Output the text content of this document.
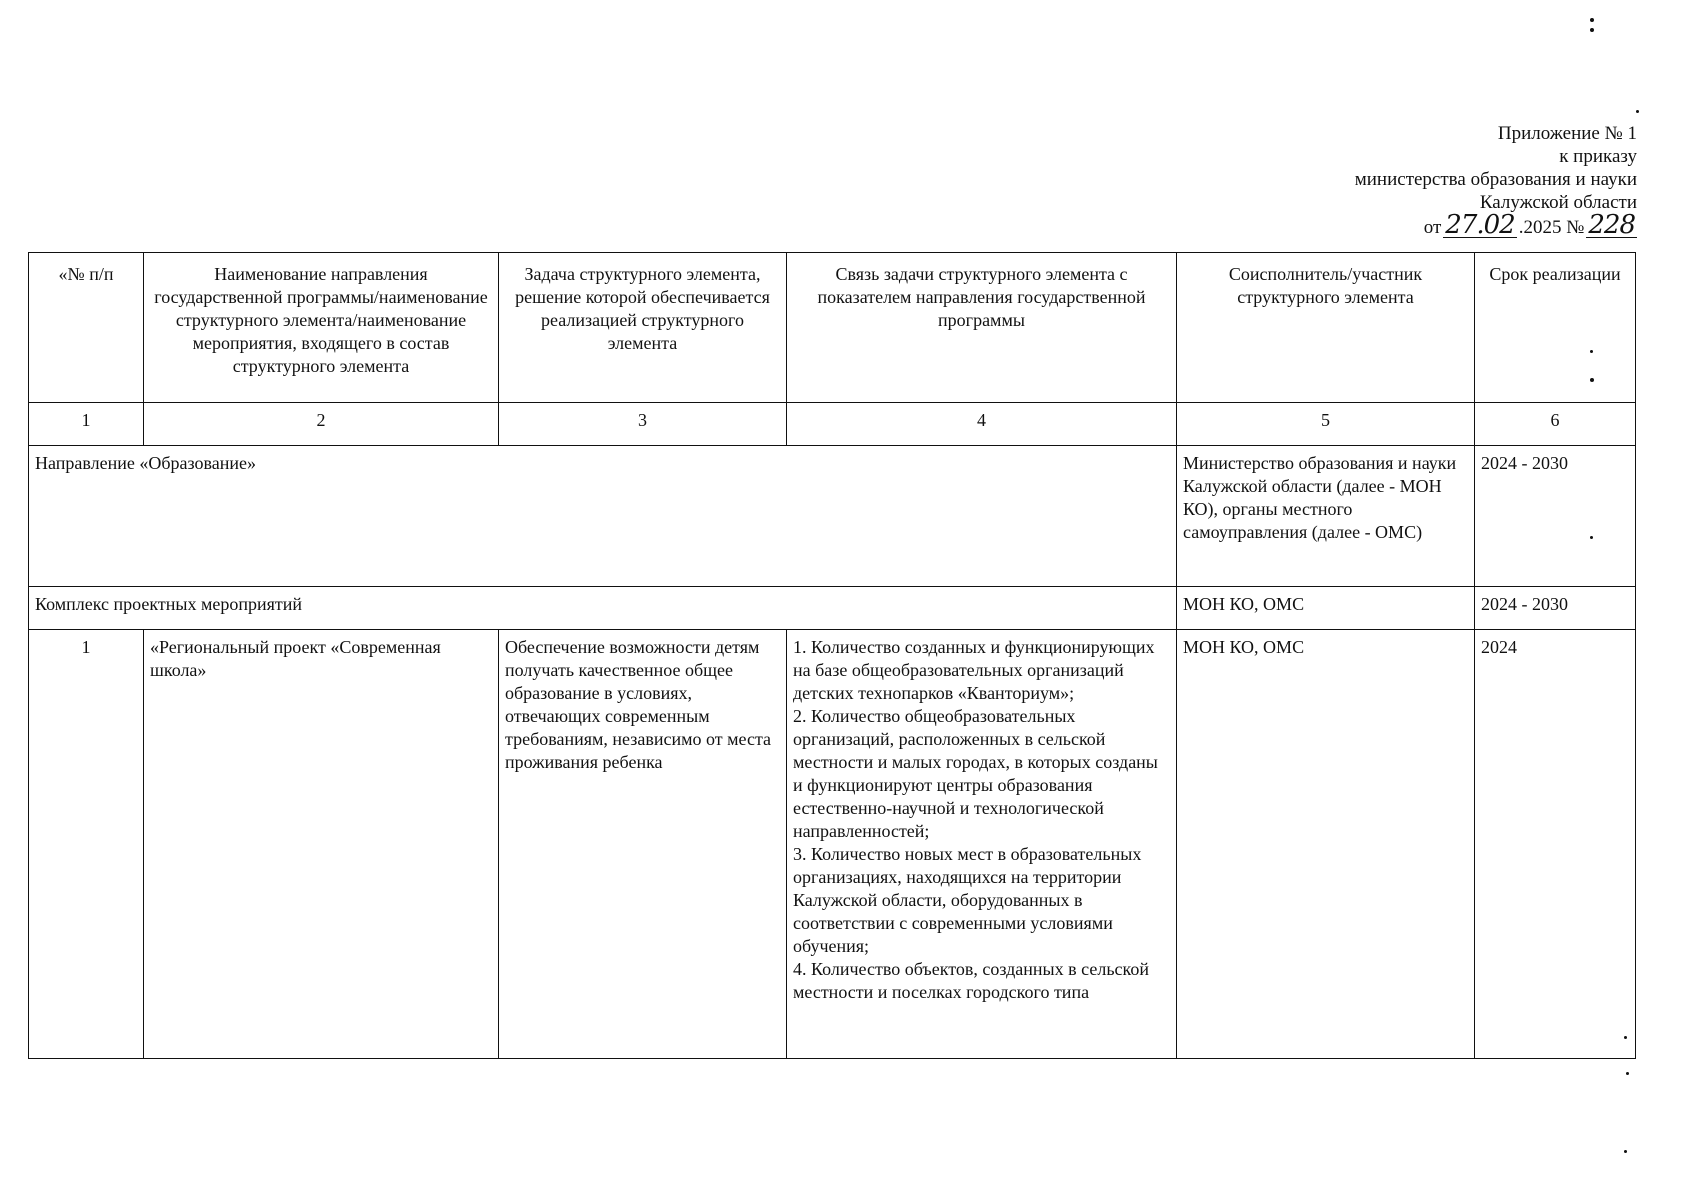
Приложение № 1
к приказу
министерства образования и науки
Калужской области
от 27.02 .2025 № 228
«№ п/п	Наименование направления государственной программы/наименование структурного элемента/наименование мероприятия, входящего в состав структурного элемента	Задача структурного элемента, решение которой обеспечивается реализацией структурного элемента	Связь задачи структурного элемента с показателем направления государственной программы	Соисполнитель/участник структурного элемента	Срок реализации
1	2	3	4	5	6
Направление «Образование»				Министерство образования и науки Калужской области (далее - МОН КО), органы местного самоуправления (далее - ОМС)	2024 - 2030
Комплекс проектных мероприятий				МОН КО, ОМС	2024 - 2030
1	«Региональный проект «Современная школа»	Обеспечение возможности детям получать качественное общее образование в условиях, отвечающих современным требованиям, независимо от места проживания ребенка	1. Количество созданных и функционирующих на базе общеобразовательных организаций детских технопарков «Кванториум»;
2. Количество общеобразовательных организаций, расположенных в сельской местности и малых городах, в которых созданы и функционируют центры образования естественно-научной и технологической направленностей;
3. Количество новых мест в образовательных организациях, находящихся на территории Калужской области, оборудованных в соответствии с современными условиями обучения;
4. Количество объектов, созданных в сельской местности и поселках городского типа	МОН КО, ОМС	2024
